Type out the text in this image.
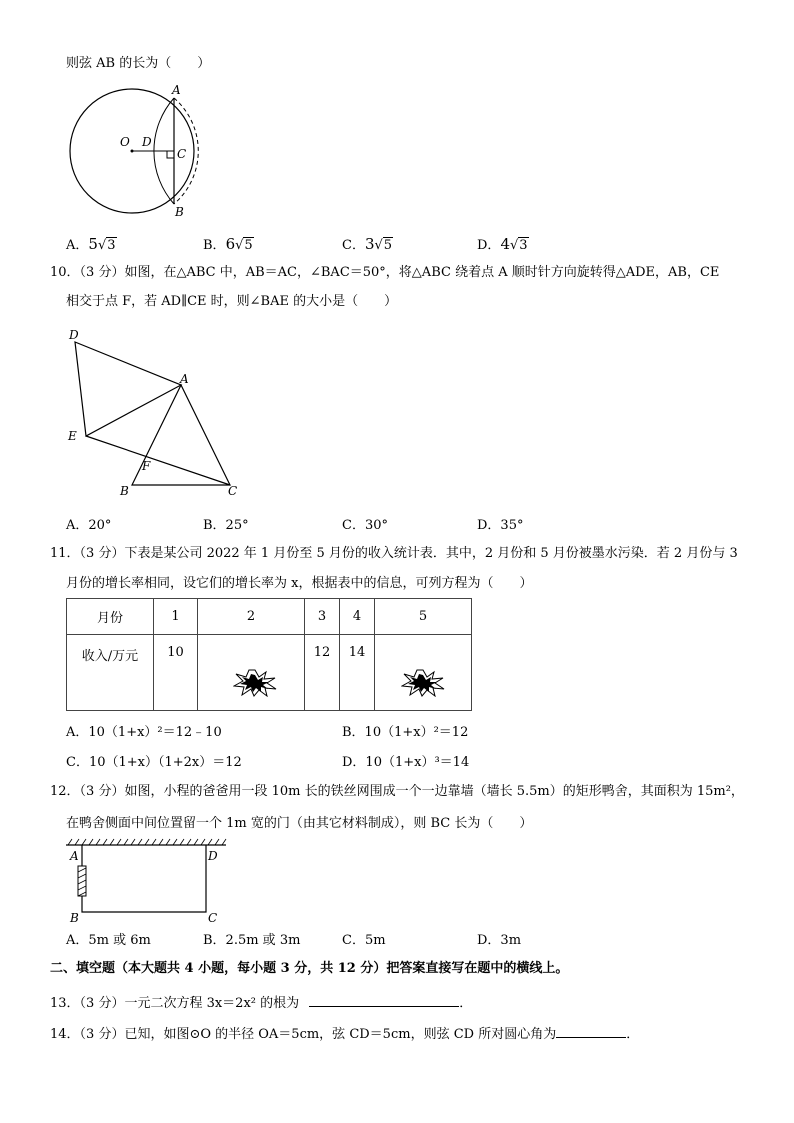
则弦 AB 的长为（　　）
O D
C
A
B
A．5√3	B．6√5	C．3√5	D．4√3
10．（3 分）如图，在△ABC 中，AB＝AC，∠BAC＝50°，将△ABC 绕着点 A 顺时针方向旋转得△ADE，AB，CE
相交于点 F，若 AD∥CE 时，则∠BAE 的大小是（　　）
D
A
E
F
B	C
A．20°	B．25°	C．30°	D．35°
11．（3 分）下表是某公司 2022 年 1 月份至 5 月份的收入统计表．其中，2 月份和 5 月份被墨水污染．若 2 月份与 3
月份的增长率相同，设它们的增长率为 x，根据表中的信息，可列方程为（　　）
月份	1	2	3	4	5
收入/万元	10		12	14	
A．10（1+x）²＝12﹣10	B．10（1+x）²＝12
C．10（1+x）（1+2x）＝12	D．10（1+x）³＝14
12．（3 分）如图，小程的爸爸用一段 10m 长的铁丝网围成一个一边靠墙（墙长 5.5m）的矩形鸭舍，其面积为 15m²，
在鸭舍侧面中间位置留一个 1m 宽的门（由其它材料制成），则 BC 长为（　　）
A	D
B	C
A．5m 或 6m	B．2.5m 或 3m	C．5m	D．3m
二、填空题（本大题共 4 小题，每小题 3 分，共 12 分）把答案直接写在题中的横线上。
13．（3 分）一元二次方程 3x＝2x² 的根为	．
14．（3 分）已知，如图⊙O 的半径 OA＝5cm，弦 CD＝5cm，则弦 CD 所对圆心角为	．
